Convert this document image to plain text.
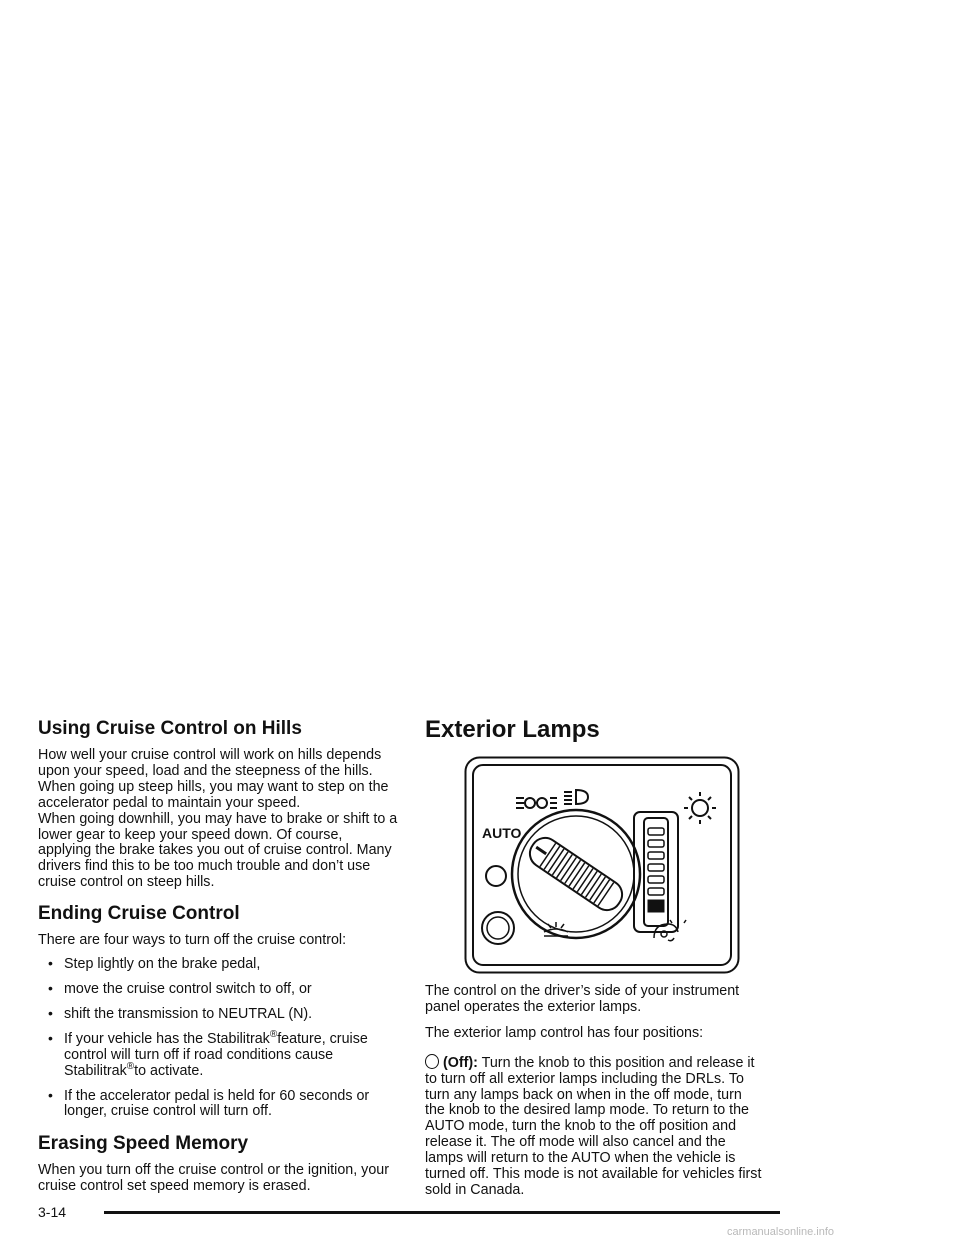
Using Cruise Control on Hills

How well your cruise control will work on hills depends upon your speed, load and the steepness of the hills. When going up steep hills, you may want to step on the accelerator pedal to maintain your speed.

When going downhill, you may have to brake or shift to a lower gear to keep your speed down. Of course, applying the brake takes you out of cruise control. Many drivers find this to be too much trouble and don’t use cruise control on steep hills.

Ending Cruise Control

There are four ways to turn off the cruise control:

• Step lightly on the brake pedal,
• move the cruise control switch to off, or
• shift the transmission to NEUTRAL (N).
• If your vehicle has the Stabilitrak®feature, cruise control will turn off if road conditions cause Stabilitrak®to activate.
• If the accelerator pedal is held for 60 seconds or longer, cruise control will turn off.
Erasing Speed Memory

When you turn off the cruise control or the ignition, your cruise control set speed memory is erased.

Exterior Lamps
AUTO

The control on the driver’s side of your instrument panel operates the exterior lamps.

The exterior lamp control has four positions:

(Off): Turn the knob to this position and release it to turn off all exterior lamps including the DRLs. To turn any lamps back on when in the off mode, turn the knob to the desired lamp mode. To return to the AUTO mode, turn the knob to the off position and release it. The off mode will also cancel and the lamps will return to the AUTO when the vehicle is turned off. This mode is not available for vehicles first sold in Canada.

3-14
carmanualsonline.info
